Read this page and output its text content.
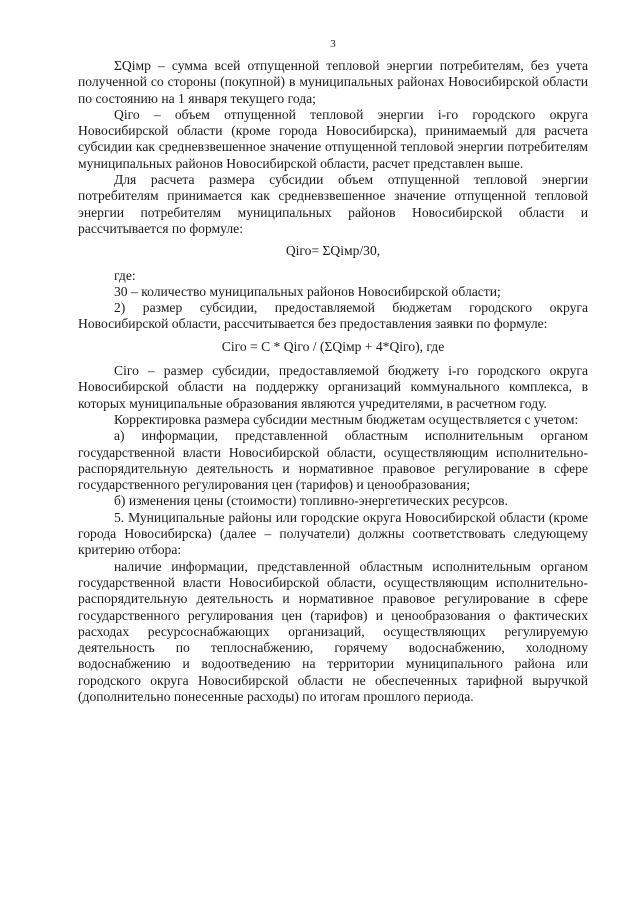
3

ΣQiмр – сумма всей отпущенной тепловой энергии потребителям, без учета полученной со стороны (покупной) в муниципальных районах Новосибирской области по состоянию на 1 января текущего года;

Qiго – объем отпущенной тепловой энергии i-го городского округа Новосибирской области (кроме города Новосибирска), принимаемый для расчета субсидии как средневзвешенное значение отпущенной тепловой энергии потребителям муниципальных районов Новосибирской области, расчет представлен выше.

Для расчета размера субсидии объем отпущенной тепловой энергии потребителям принимается как средневзвешенное значение отпущенной тепловой энергии потребителям муниципальных районов Новосибирской области и рассчитывается по формуле:

Qiго= ΣQiмр/30,

где:

30 – количество муниципальных районов Новосибирской области;

2) размер субсидии, предоставляемой бюджетам городского округа Новосибирской области, рассчитывается без предоставления заявки по формуле:

Ciго = С * Qiго / (ΣQiмр + 4*Qiго), где

Ciго – размер субсидии, предоставляемой бюджету i-го городского округа Новосибирской области на поддержку организаций коммунального комплекса, в которых муниципальные образования являются учредителями, в расчетном году.

Корректировка размера субсидии местным бюджетам осуществляется с учетом:

а) информации, представленной областным исполнительным органом государственной власти Новосибирской области, осуществляющим исполнительно-распорядительную деятельность и нормативное правовое регулирование в сфере государственного регулирования цен (тарифов) и ценообразования;

б) изменения цены (стоимости) топливно-энергетических ресурсов.

5. Муниципальные районы или городские округа Новосибирской области (кроме города Новосибирска) (далее – получатели) должны соответствовать следующему критерию отбора:

наличие информации, представленной областным исполнительным органом государственной власти Новосибирской области, осуществляющим исполнительно-распорядительную деятельность и нормативное правовое регулирование в сфере государственного регулирования цен (тарифов) и ценообразования о фактических расходах ресурсоснабжающих организаций, осуществляющих регулируемую деятельность по теплоснабжению, горячему водоснабжению, холодному водоснабжению и водоотведению на территории муниципального района или городского округа Новосибирской области не обеспеченных тарифной выручкой (дополнительно понесенные расходы) по итогам прошлого периода.
